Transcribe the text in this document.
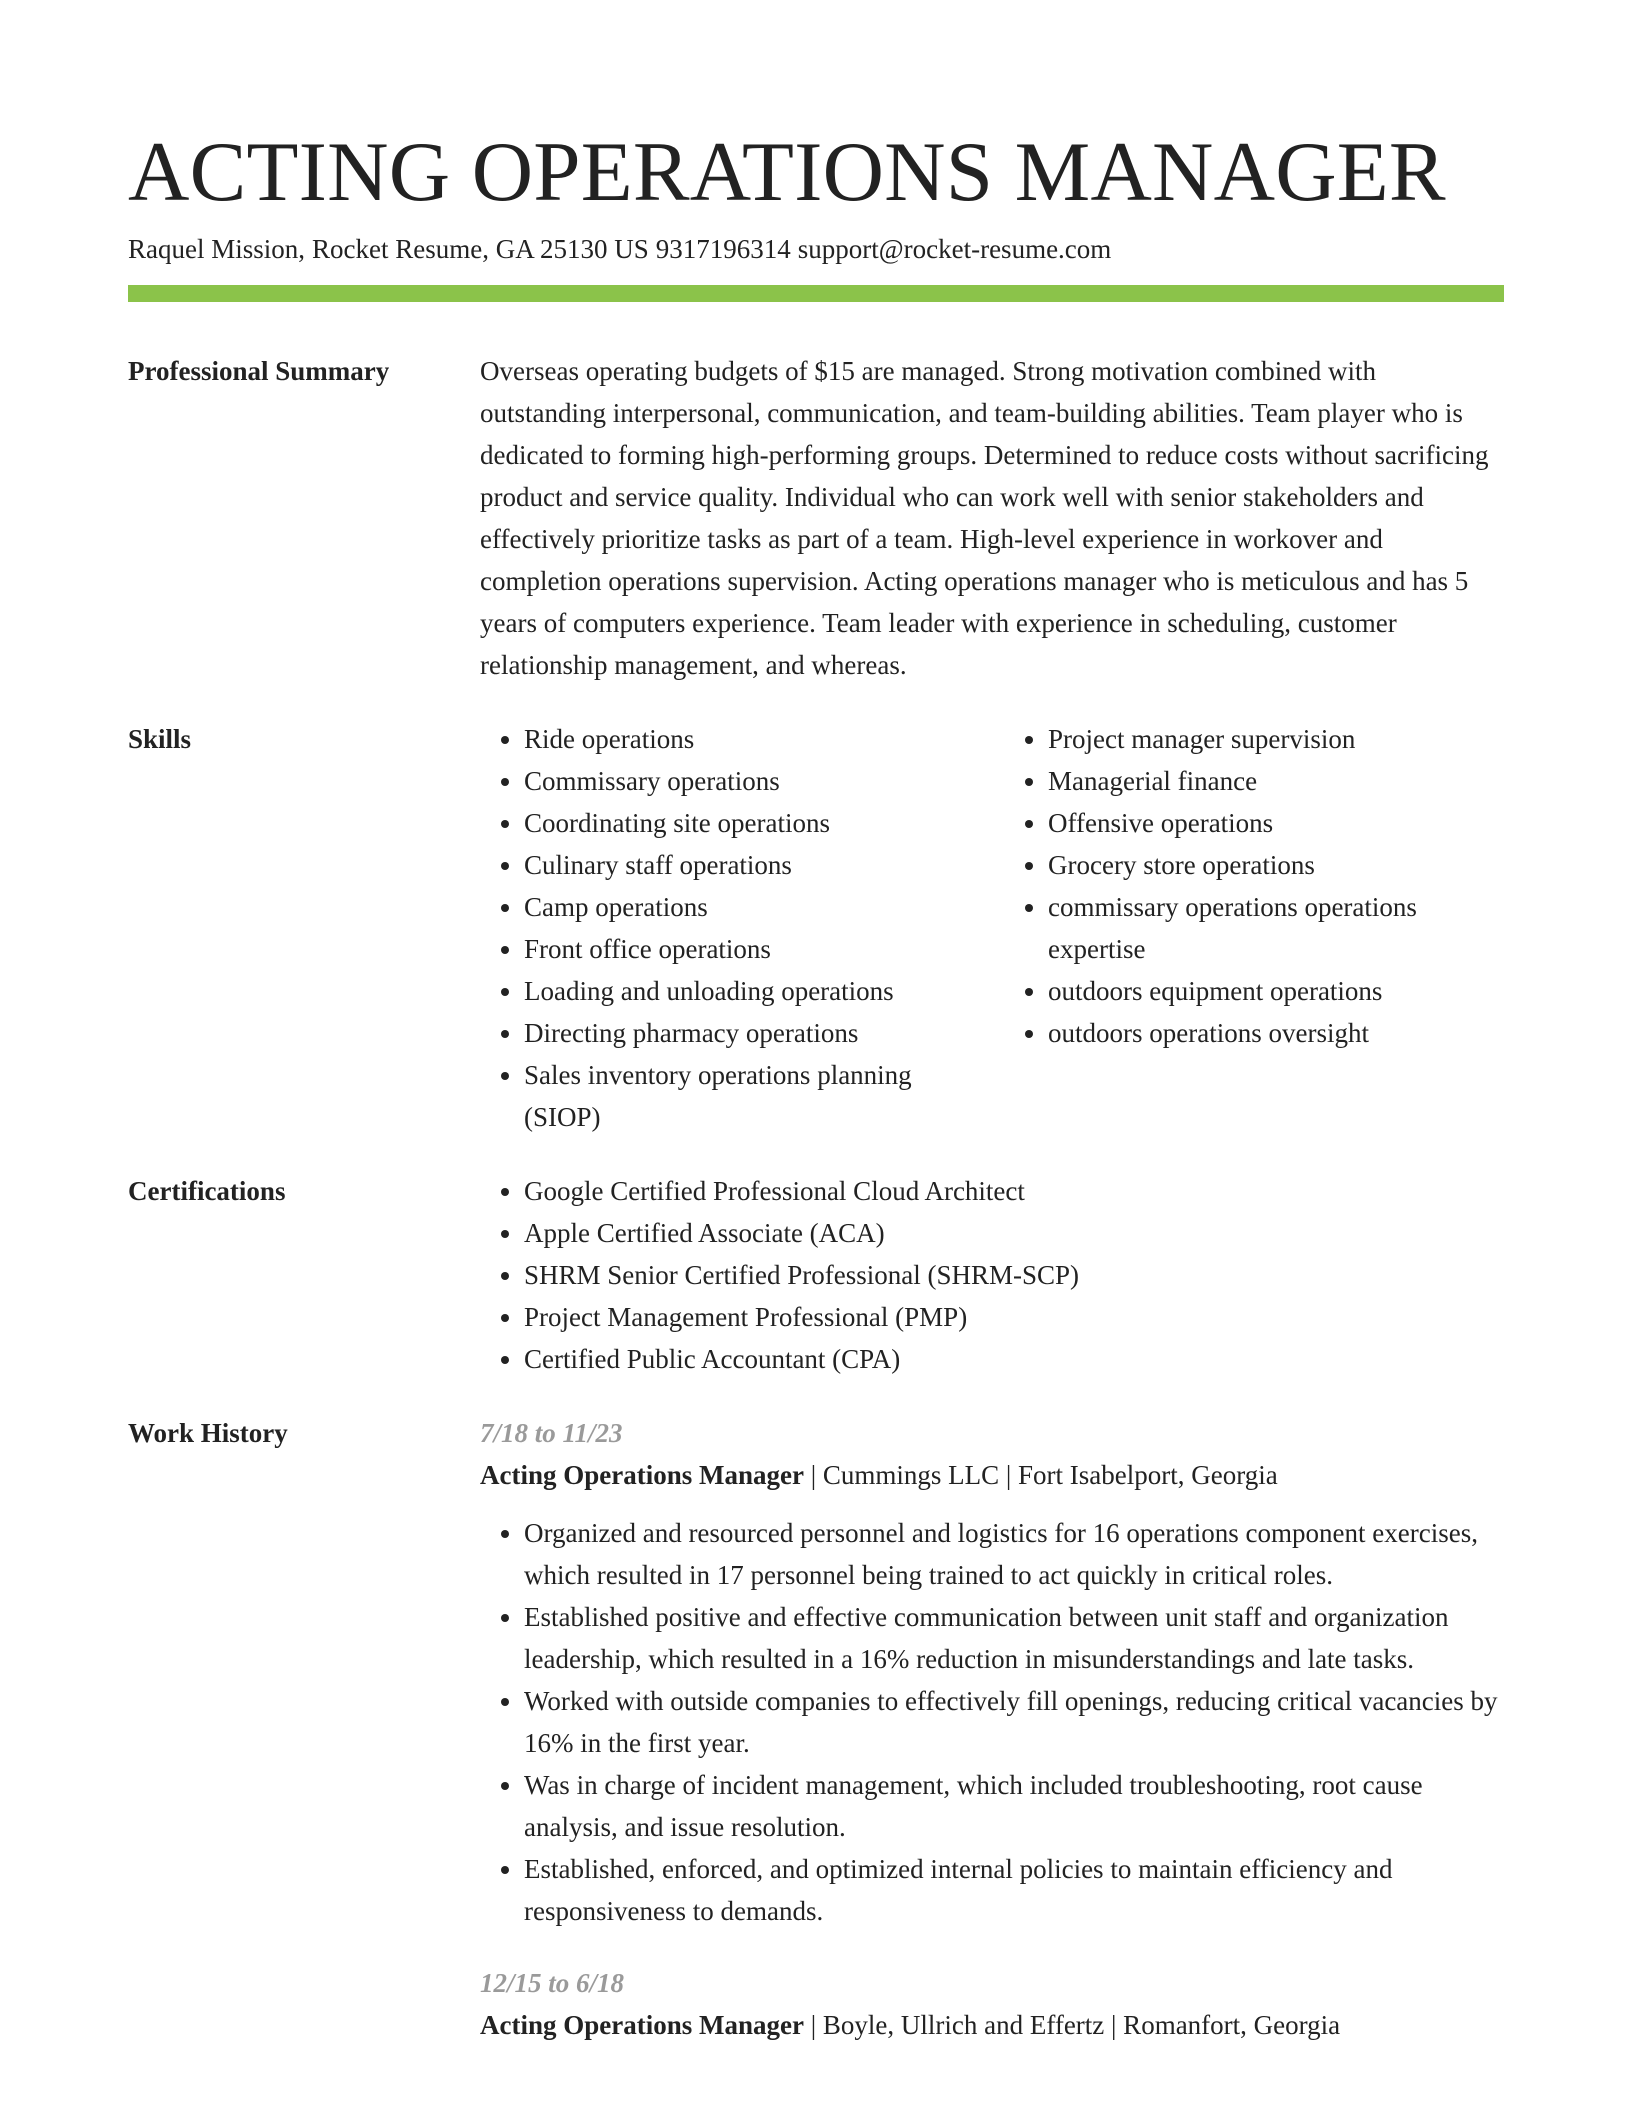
ACTING OPERATIONS MANAGER
Raquel Mission, Rocket Resume, GA 25130 US 9317196314 support@rocket-resume.com
Professional Summary	Overseas operating budgets of $15 are managed. Strong motivation combined with outstanding interpersonal, communication, and team-building abilities. Team player who is dedicated to forming high-performing groups. Determined to reduce costs without sacrificing product and service quality. Individual who can work well with senior stakeholders and effectively prioritize tasks as part of a team. High-level experience in workover and completion operations supervision. Acting operations manager who is meticulous and has 5 years of computers experience. Team leader with experience in scheduling, customer relationship management, and whereas.

Skills	• Ride operations
• Commissary operations
• Coordinating site operations
• Culinary staff operations
• Camp operations
• Front office operations
• Loading and unloading operations
• Directing pharmacy operations
• Sales inventory operations planning (SIOP)
• Project manager supervision
• Managerial finance
• Offensive operations
• Grocery store operations
• commissary operations operations expertise
• outdoors equipment operations
• outdoors operations oversight
Certifications	• Google Certified Professional Cloud Architect
• Apple Certified Associate (ACA)
• SHRM Senior Certified Professional (SHRM-SCP)
• Project Management Professional (PMP)
• Certified Public Accountant (CPA)
Work History	7/18 to 11/23
Acting Operations Manager | Cummings LLC | Fort Isabelport, Georgia
• Organized and resourced personnel and logistics for 16 operations component exercises, which resulted in 17 personnel being trained to act quickly in critical roles.
• Established positive and effective communication between unit staff and organization leadership, which resulted in a 16% reduction in misunderstandings and late tasks.
• Worked with outside companies to effectively fill openings, reducing critical vacancies by 16% in the first year.
• Was in charge of incident management, which included troubleshooting, root cause analysis, and issue resolution.
• Established, enforced, and optimized internal policies to maintain efficiency and responsiveness to demands.
12/15 to 6/18
Acting Operations Manager | Boyle, Ullrich and Effertz | Romanfort, Georgia
